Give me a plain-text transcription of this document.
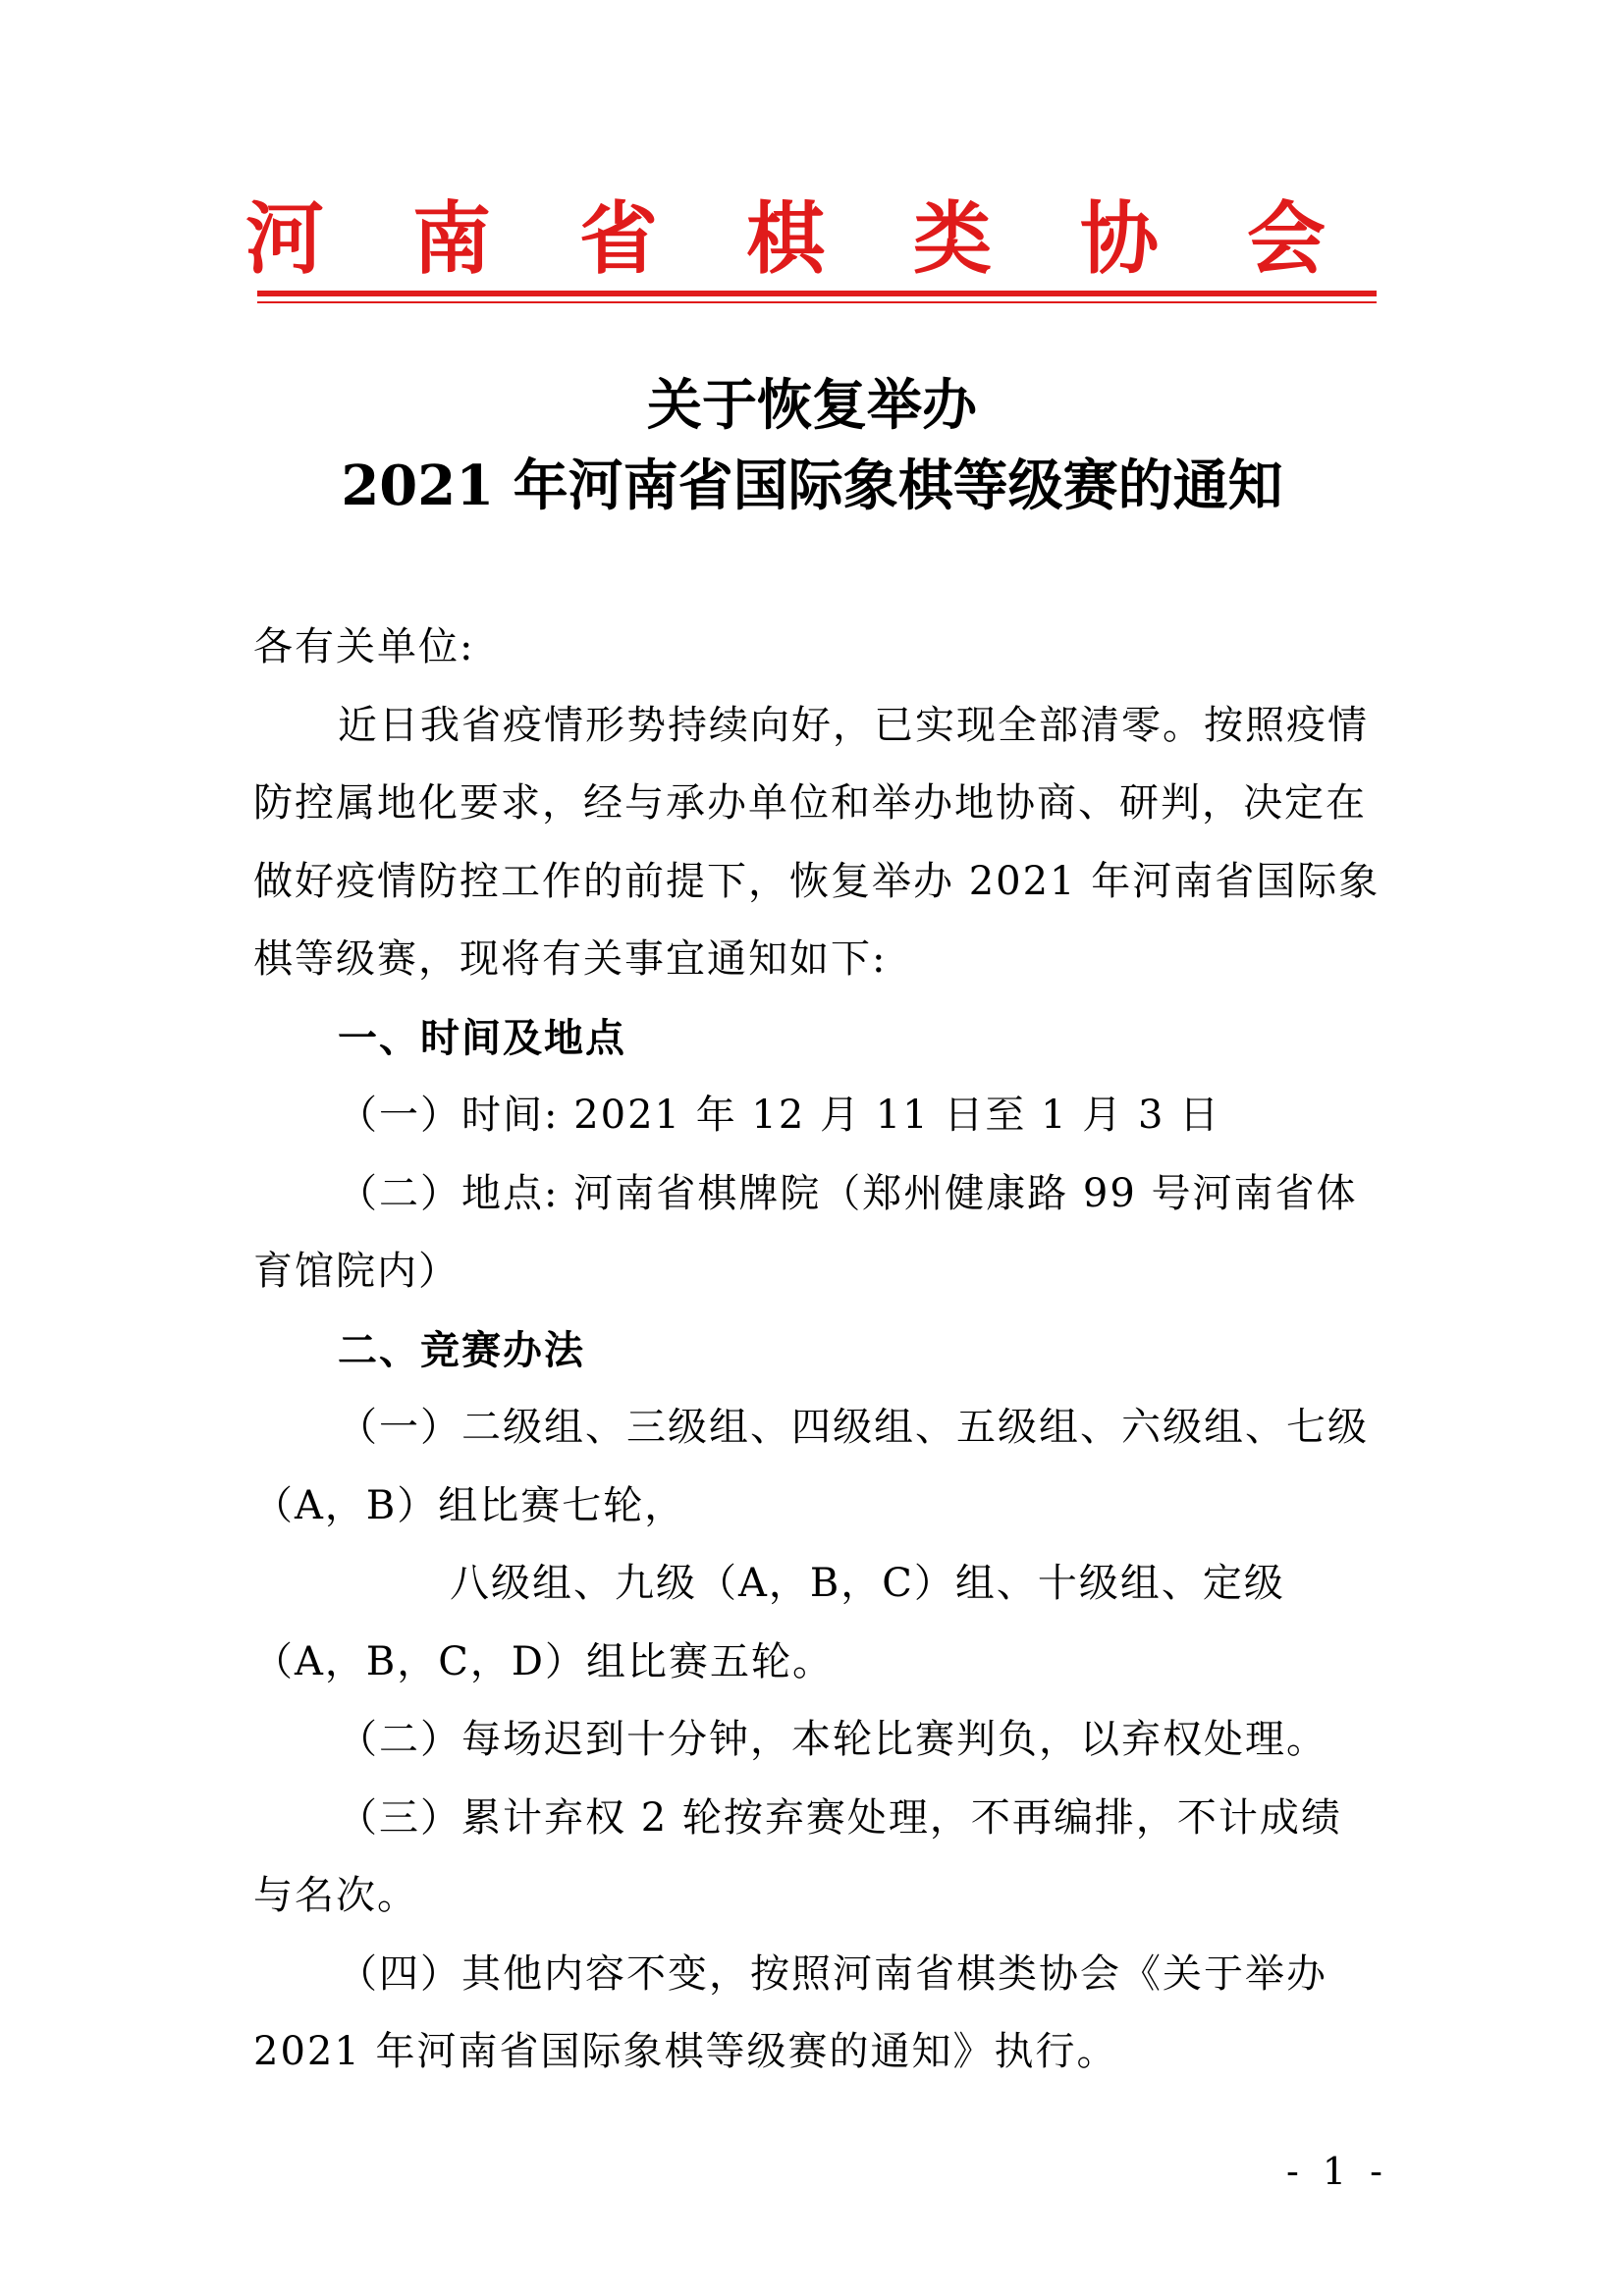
河 南 省 棋 类 协 会
关于恢复举办
2021 年河南省国际象棋等级赛的通知

各有关单位:

近日我省疫情形势持续向好，已实现全部清零。按照疫情防控属地化要求，经与承办单位和举办地协商、研判，决定在做好疫情防控工作的前提下，恢复举办 2021 年河南省国际象棋等级赛，现将有关事宜通知如下:

一、时间及地点

（一）时间: 2021 年 12 月 11 日至 1 月 3 日

（二）地点: 河南省棋牌院（郑州健康路 99 号河南省体育馆院内）

二、竞赛办法

（一）二级组、三级组、四级组、五级组、六级组、七级（A，B）组比赛七轮，

八级组、九级（A，B，C）组、十级组、定级（A，B，C，D）组比赛五轮。

（二）每场迟到十分钟，本轮比赛判负，以弃权处理。

（三）累计弃权 2 轮按弃赛处理，不再编排，不计成绩与名次。

（四）其他内容不变，按照河南省棋类协会《关于举办 2021 年河南省国际象棋等级赛的通知》执行。

- 1 -
